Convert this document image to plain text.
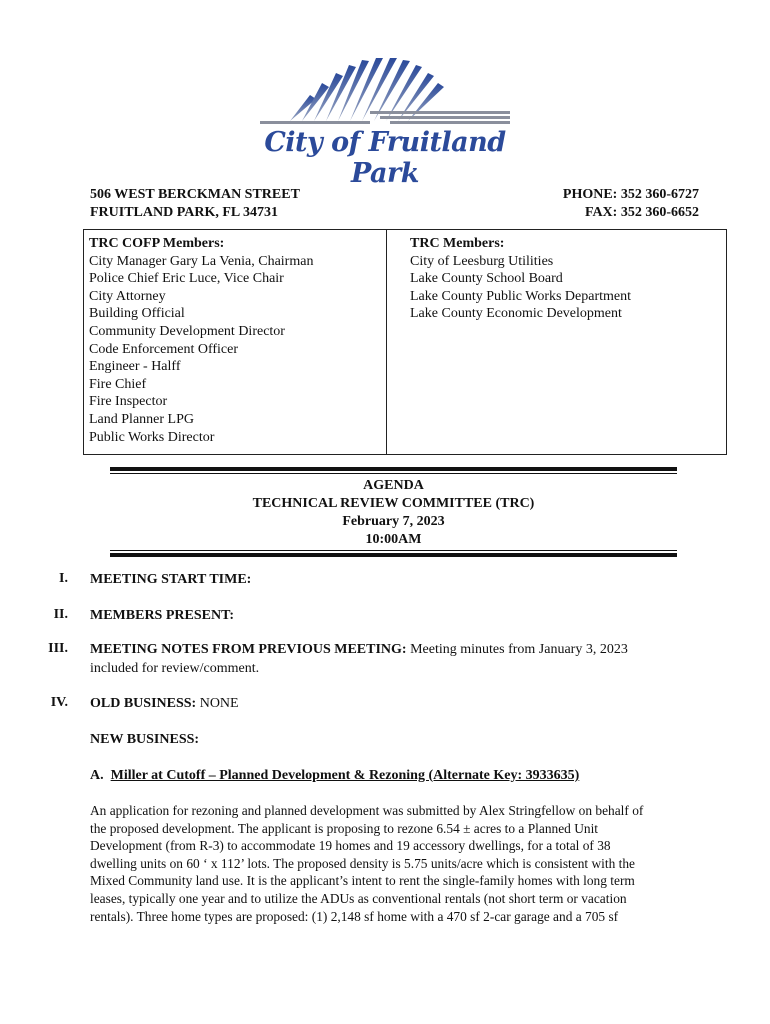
City of Fruitland Park
506 WEST BERCKMAN STREET
FRUITLAND PARK, FL 34731
PHONE: 352 360-6727
FAX: 352 360-6652
TRC COFP Members:
City Manager Gary La Venia, Chairman
Police Chief Eric Luce, Vice Chair
City Attorney
Building Official
Community Development Director
Code Enforcement Officer
Engineer - Halff
Fire Chief
Fire Inspector
Land Planner LPG
Public Works Director
TRC Members:
City of Leesburg Utilities
Lake County School Board
Lake County Public Works Department
Lake County Economic Development
AGENDA
TECHNICAL REVIEW COMMITTEE (TRC)
February 7, 2023
10:00AM
I. MEETING START TIME:
II. MEMBERS PRESENT:
III. MEETING NOTES FROM PREVIOUS MEETING: Meeting minutes from January 3, 2023
included for review/comment.
IV. OLD BUSINESS: NONE
NEW BUSINESS:
A. Miller at Cutoff – Planned Development & Rezoning (Alternate Key: 3933635)
An application for rezoning and planned development was submitted by Alex Stringfellow on behalf of
the proposed development. The applicant is proposing to rezone 6.54 ± acres to a Planned Unit
Development (from R-3) to accommodate 19 homes and 19 accessory dwellings, for a total of 38
dwelling units on 60 ‘ x 112’ lots. The proposed density is 5.75 units/acre which is consistent with the
Mixed Community land use. It is the applicant’s intent to rent the single-family homes with long term
leases, typically one year and to utilize the ADUs as conventional rentals (not short term or vacation
rentals). Three home types are proposed: (1) 2,148 sf home with a 470 sf 2-car garage and a 705 sf
